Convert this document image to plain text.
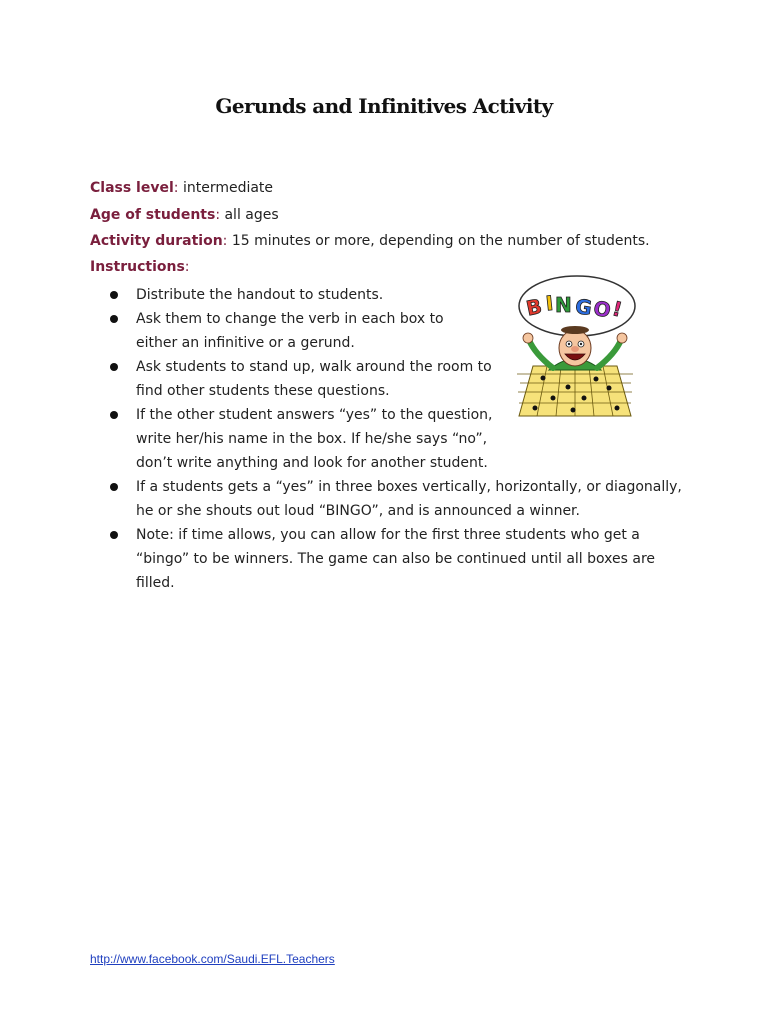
Gerunds and Infinitives Activity
Class level: intermediate
Age of students: all ages
Activity duration: 15 minutes or more, depending on the number of students.
Instructions:
Distribute the handout to students.
Ask them to change the verb in each box to either an infinitive or a gerund.
Ask students to stand up, walk around the room to find other students these questions.
If the other student answers “yes” to the question, write her/his name in the box. If he/she says “no”, don’t write anything and look for another student.
If a students gets a “yes” in three boxes vertically, horizontally, or diagonally, he or she shouts out loud “BINGO”, and is announced a winner.
Note: if time allows, you can allow for the first three students who get a “bingo” to be winners. The game can also be continued until all boxes are filled.
B I N G
O
!
http://www.facebook.com/Saudi.EFL.Teachers
